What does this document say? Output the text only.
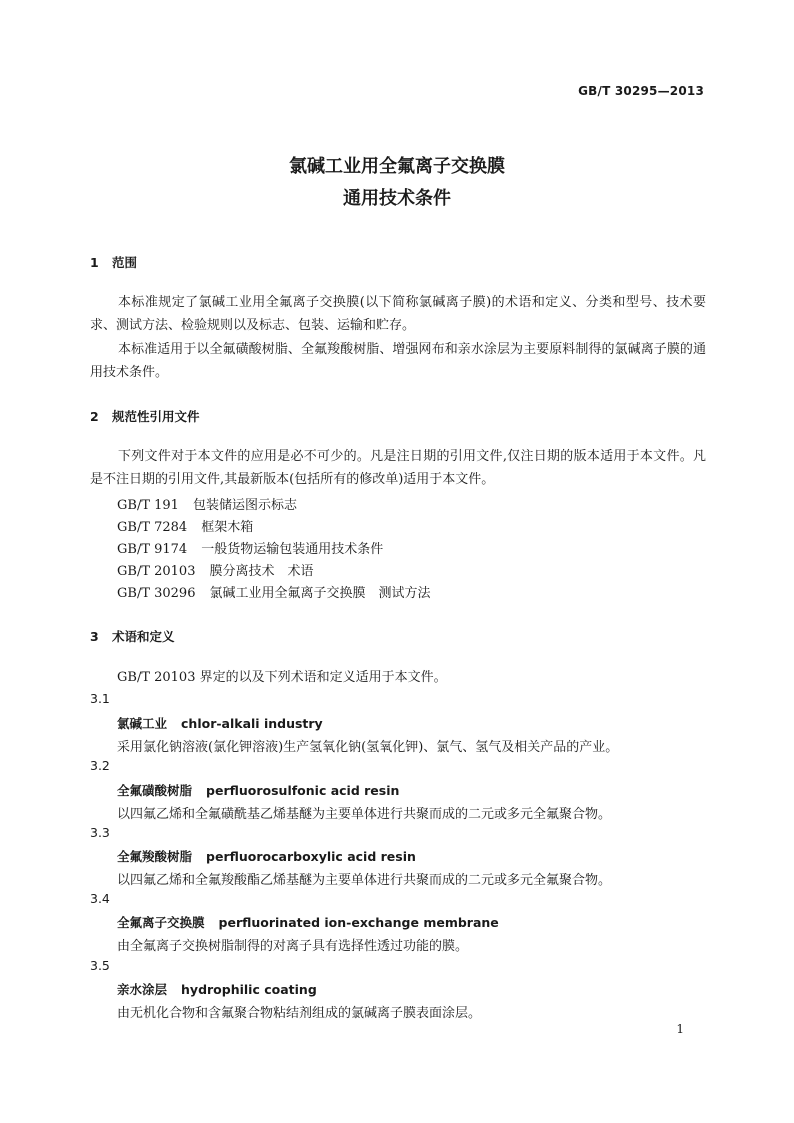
GB/T 30295—2013
氯碱工业用全氟离子交换膜
通用技术条件
1 范围

本标准规定了氯碱工业用全氟离子交换膜(以下简称氯碱离子膜)的术语和定义、分类和型号、技术要求、测试方法、检验规则以及标志、包装、运输和贮存。

本标准适用于以全氟磺酸树脂、全氟羧酸树脂、增强网布和亲水涂层为主要原料制得的氯碱离子膜的通用技术条件。

2 规范性引用文件

下列文件对于本文件的应用是必不可少的。凡是注日期的引用文件,仅注日期的版本适用于本文件。凡是不注日期的引用文件,其最新版本(包括所有的修改单)适用于本文件。

GB/T 191 包装储运图示标志
GB/T 7284 框架木箱
GB/T 9174 一般货物运输包装通用技术条件
GB/T 20103 膜分离技术　术语
GB/T 30296 氯碱工业用全氟离子交换膜　测试方法
3 术语和定义
GB/T 20103 界定的以及下列术语和定义适用于本文件。
3.1
氯碱工业 chlor-alkali industry
采用氯化钠溶液(氯化钾溶液)生产氢氧化钠(氢氧化钾)、氯气、氢气及相关产品的产业。
3.2
全氟磺酸树脂 perfluorosulfonic acid resin
以四氟乙烯和全氟磺酰基乙烯基醚为主要单体进行共聚而成的二元或多元全氟聚合物。
3.3
全氟羧酸树脂 perfluorocarboxylic acid resin
以四氟乙烯和全氟羧酸酯乙烯基醚为主要单体进行共聚而成的二元或多元全氟聚合物。
3.4
全氟离子交换膜 perfluorinated ion-exchange membrane
由全氟离子交换树脂制得的对离子具有选择性透过功能的膜。
3.5
亲水涂层 hydrophilic coating
由无机化合物和含氟聚合物粘结剂组成的氯碱离子膜表面涂层。
1
